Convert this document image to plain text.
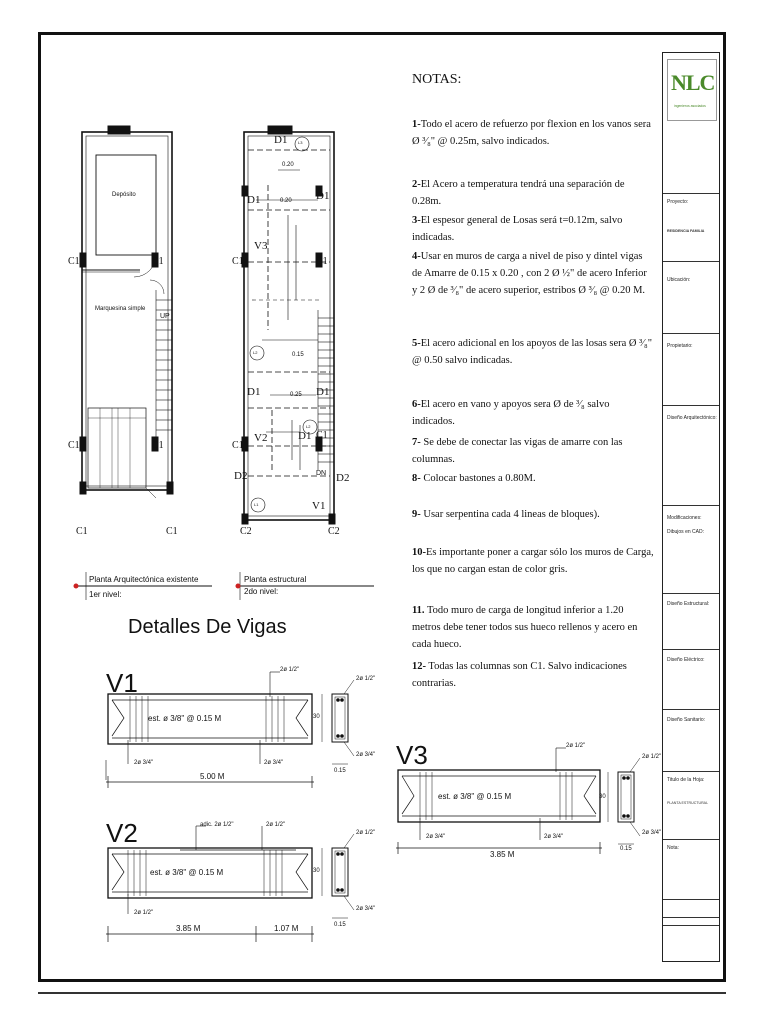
Depósito
Marquesina simple
UP
C1	C1
C1	C1
C1	C1
D1
D1	D1
V3
C1	C1
D1	D1
V2	D1
C1
C1
D2	D2
DN
V1
C2	C2
L3
L2
L2
L1
0.20
0.20
0.25
0.15
Planta Arquitectónica existente
1er nivel:
Planta estructural
2do nivel:
Detalles De Vigas
V1	2ø 1/2"
est. ø 3/8" @ 0.15 M
2ø 3/4"	2ø 3/4"
5.00 M
2ø 1/2"
2ø 3/4"
0.15
30
V2	adic. 2ø 1/2"	2ø 1/2"
est. ø 3/8" @ 0.15 M
2ø 1/2"
3.85 M	1.07 M
2ø 1/2"
2ø 3/4"
0.15
30
V3	2ø 1/2"
est. ø 3/8" @ 0.15 M
2ø 3/4"	2ø 3/4"
3.85 M
2ø 1/2"
2ø 3/4"
0.15
30
NOTAS:
1-Todo el acero de refuerzo por flexion en los vanos sera Ø ³⁄₈" @ 0.25m, salvo indicados.
2-El Acero a temperatura tendrá una separación de 0.28m.
3-El espesor general de Losas será t=0.12m, salvo indicadas.
4-Usar en muros de carga a nivel de piso y dintel vigas de Amarre de 0.15 x 0.20 , con 2 Ø ½" de acero Inferior y 2 Ø de ³⁄₈" de acero superior, estribos Ø ³⁄₈ @ 0.20 M.
5-El acero adicional en los apoyos de las losas sera Ø ³⁄₈" @ 0.50 salvo indicadas.
6-El acero en vano y apoyos sera Ø de ³⁄₈ salvo indicados.
7- Se debe de conectar las vigas de amarre con las columnas.
8- Colocar bastones a 0.80M.
9- Usar serpentina cada 4 lineas de bloques).
10-Es importante poner a cargar sólo los muros de Carga, los que no cargan estan de color gris.
11. Todo muro de carga de longitud inferior a 1.20 metros debe tener todos sus hueco rellenos y acero en cada hueco.
12- Todas las columnas son C1. Salvo indicaciones contrarias.
NLC
ingenieros asociados
Proyecto:
RESIDENCIA FAMILIA
Ubicación:
Propietario:
Diseño Arquitectónico:
Modificaciones:
Dibujos en CAD:
Diseño Estructural:
Diseño Eléctrico:
Diseño Sanitario:
Titulo de la Hoja:
PLANTA ESTRUCTURAL
Nota:
